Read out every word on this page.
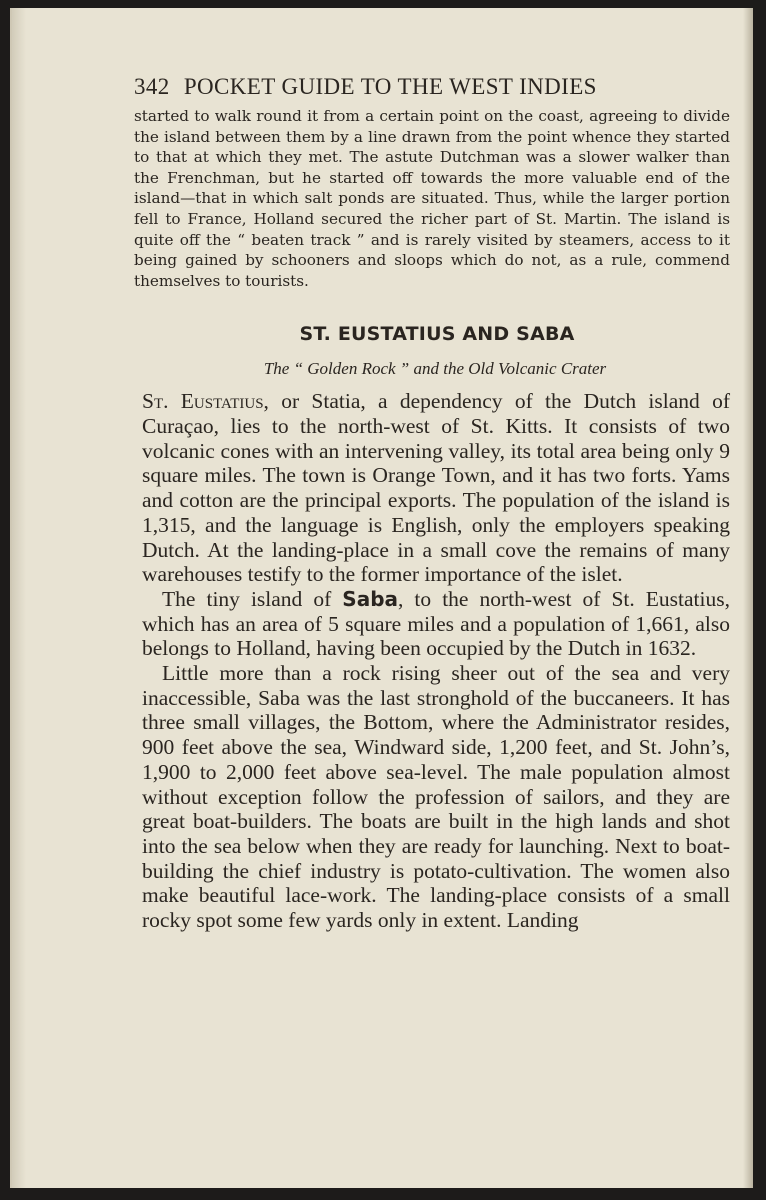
342 POCKET GUIDE TO THE WEST INDIES

started to walk round it from a certain point on the coast, agreeing to divide the island between them by a line drawn from the point whence they started to that at which they met. The astute Dutchman was a slower walker than the Frenchman, but he started off towards the more valuable end of the island—that in which salt ponds are situated. Thus, while the larger portion fell to France, Holland secured the richer part of St. Martin. The island is quite off the “ beaten track ” and is rarely visited by steamers, access to it being gained by schooners and sloops which do not, as a rule, commend themselves to tourists.

ST. EUSTATIUS AND SABA
The “ Golden Rock ” and the Old Volcanic Crater

St. Eustatius, or Statia, a dependency of the Dutch island of Curaçao, lies to the north-west of St. Kitts. It consists of two volcanic cones with an intervening valley, its total area being only 9 square miles. The town is Orange Town, and it has two forts. Yams and cotton are the principal exports. The population of the island is 1,315, and the language is English, only the employers speaking Dutch. At the landing-place in a small cove the remains of many warehouses testify to the former importance of the islet.

The tiny island of Saba, to the north-west of St. Eustatius, which has an area of 5 square miles and a population of 1,661, also belongs to Holland, having been occupied by the Dutch in 1632.

Little more than a rock rising sheer out of the sea and very inaccessible, Saba was the last stronghold of the buccaneers. It has three small villages, the Bottom, where the Administrator resides, 900 feet above the sea, Windward side, 1,200 feet, and St. John’s, 1,900 to 2,000 feet above sea-level. The male population almost without exception follow the profession of sailors, and they are great boat-builders. The boats are built in the high lands and shot into the sea below when they are ready for launching. Next to boat-building the chief industry is potato-cultivation. The women also make beautiful lace-work. The landing-place consists of a small rocky spot some few yards only in extent. Landing
